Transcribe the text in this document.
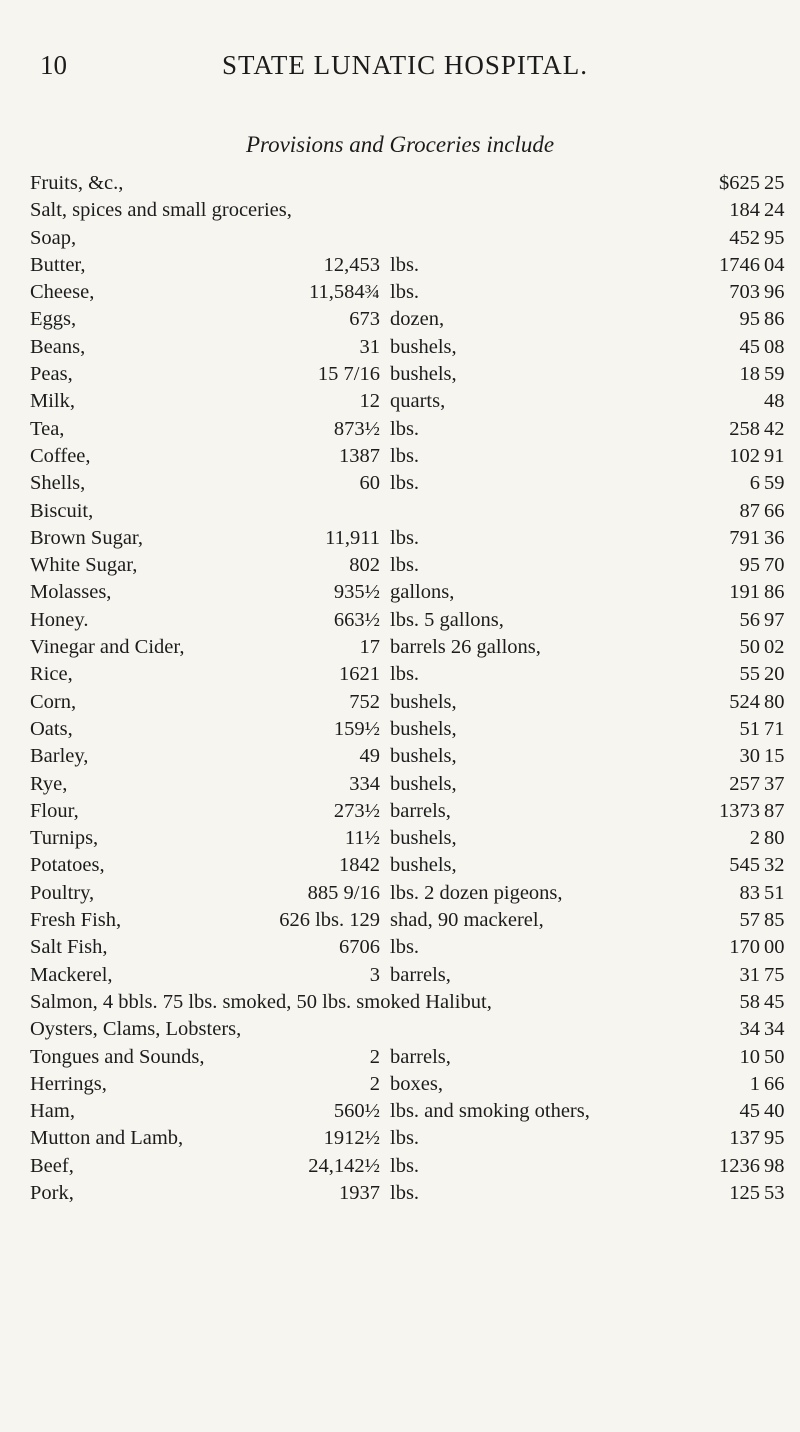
10	STATE LUNATIC HOSPITAL.
Provisions and Groceries include
Fruits, &c.,	$625 25
Salt, spices and small groceries,	184 24
Soap,	452 95
Butter,	12,453 lbs.	1746 04
Cheese,	11,584¾ lbs.	703 96
Eggs,	673 dozen,	95 86
Beans,	31 bushels,	45 08
Peas,	15 7/16 bushels,	18 59
Milk,	12 quarts,	48
Tea,	873½ lbs.	258 42
Coffee,	1387 lbs.	102 91
Shells,	60 lbs.	6 59
Biscuit,	87 66
Brown Sugar,	11,911 lbs.	791 36
White Sugar,	802 lbs.	95 70
Molasses,	935½ gallons,	191 86
Honey.	663½ lbs. 5 gallons,	56 97
Vinegar and Cider,	17 barrels 26 gallons,	50 02
Rice,	1621 lbs.	55 20
Corn,	752 bushels,	524 80
Oats,	159½ bushels,	51 71
Barley,	49 bushels,	30 15
Rye,	334 bushels,	257 37
Flour,	273½ barrels,	1373 87
Turnips,	11½ bushels,	2 80
Potatoes,	1842 bushels,	545 32
Poultry,	885 9/16 lbs. 2 dozen pigeons,	83 51
Fresh Fish,	626 lbs. 129 shad, 90 mackerel,	57 85
Salt Fish,	6706 lbs.	170 00
Mackerel,	3 barrels,	31 75
Salmon, 4 bbls. 75 lbs. smoked, 50 lbs. smoked Halibut,	58 45
Oysters, Clams, Lobsters,	34 34
Tongues and Sounds,	2 barrels,	10 50
Herrings,	2 boxes,	1 66
Ham,	560½ lbs. and smoking others,	45 40
Mutton and Lamb,	1912½ lbs.	137 95
Beef,	24,142½ lbs.	1236 98
Pork,	1937 lbs.	125 53
